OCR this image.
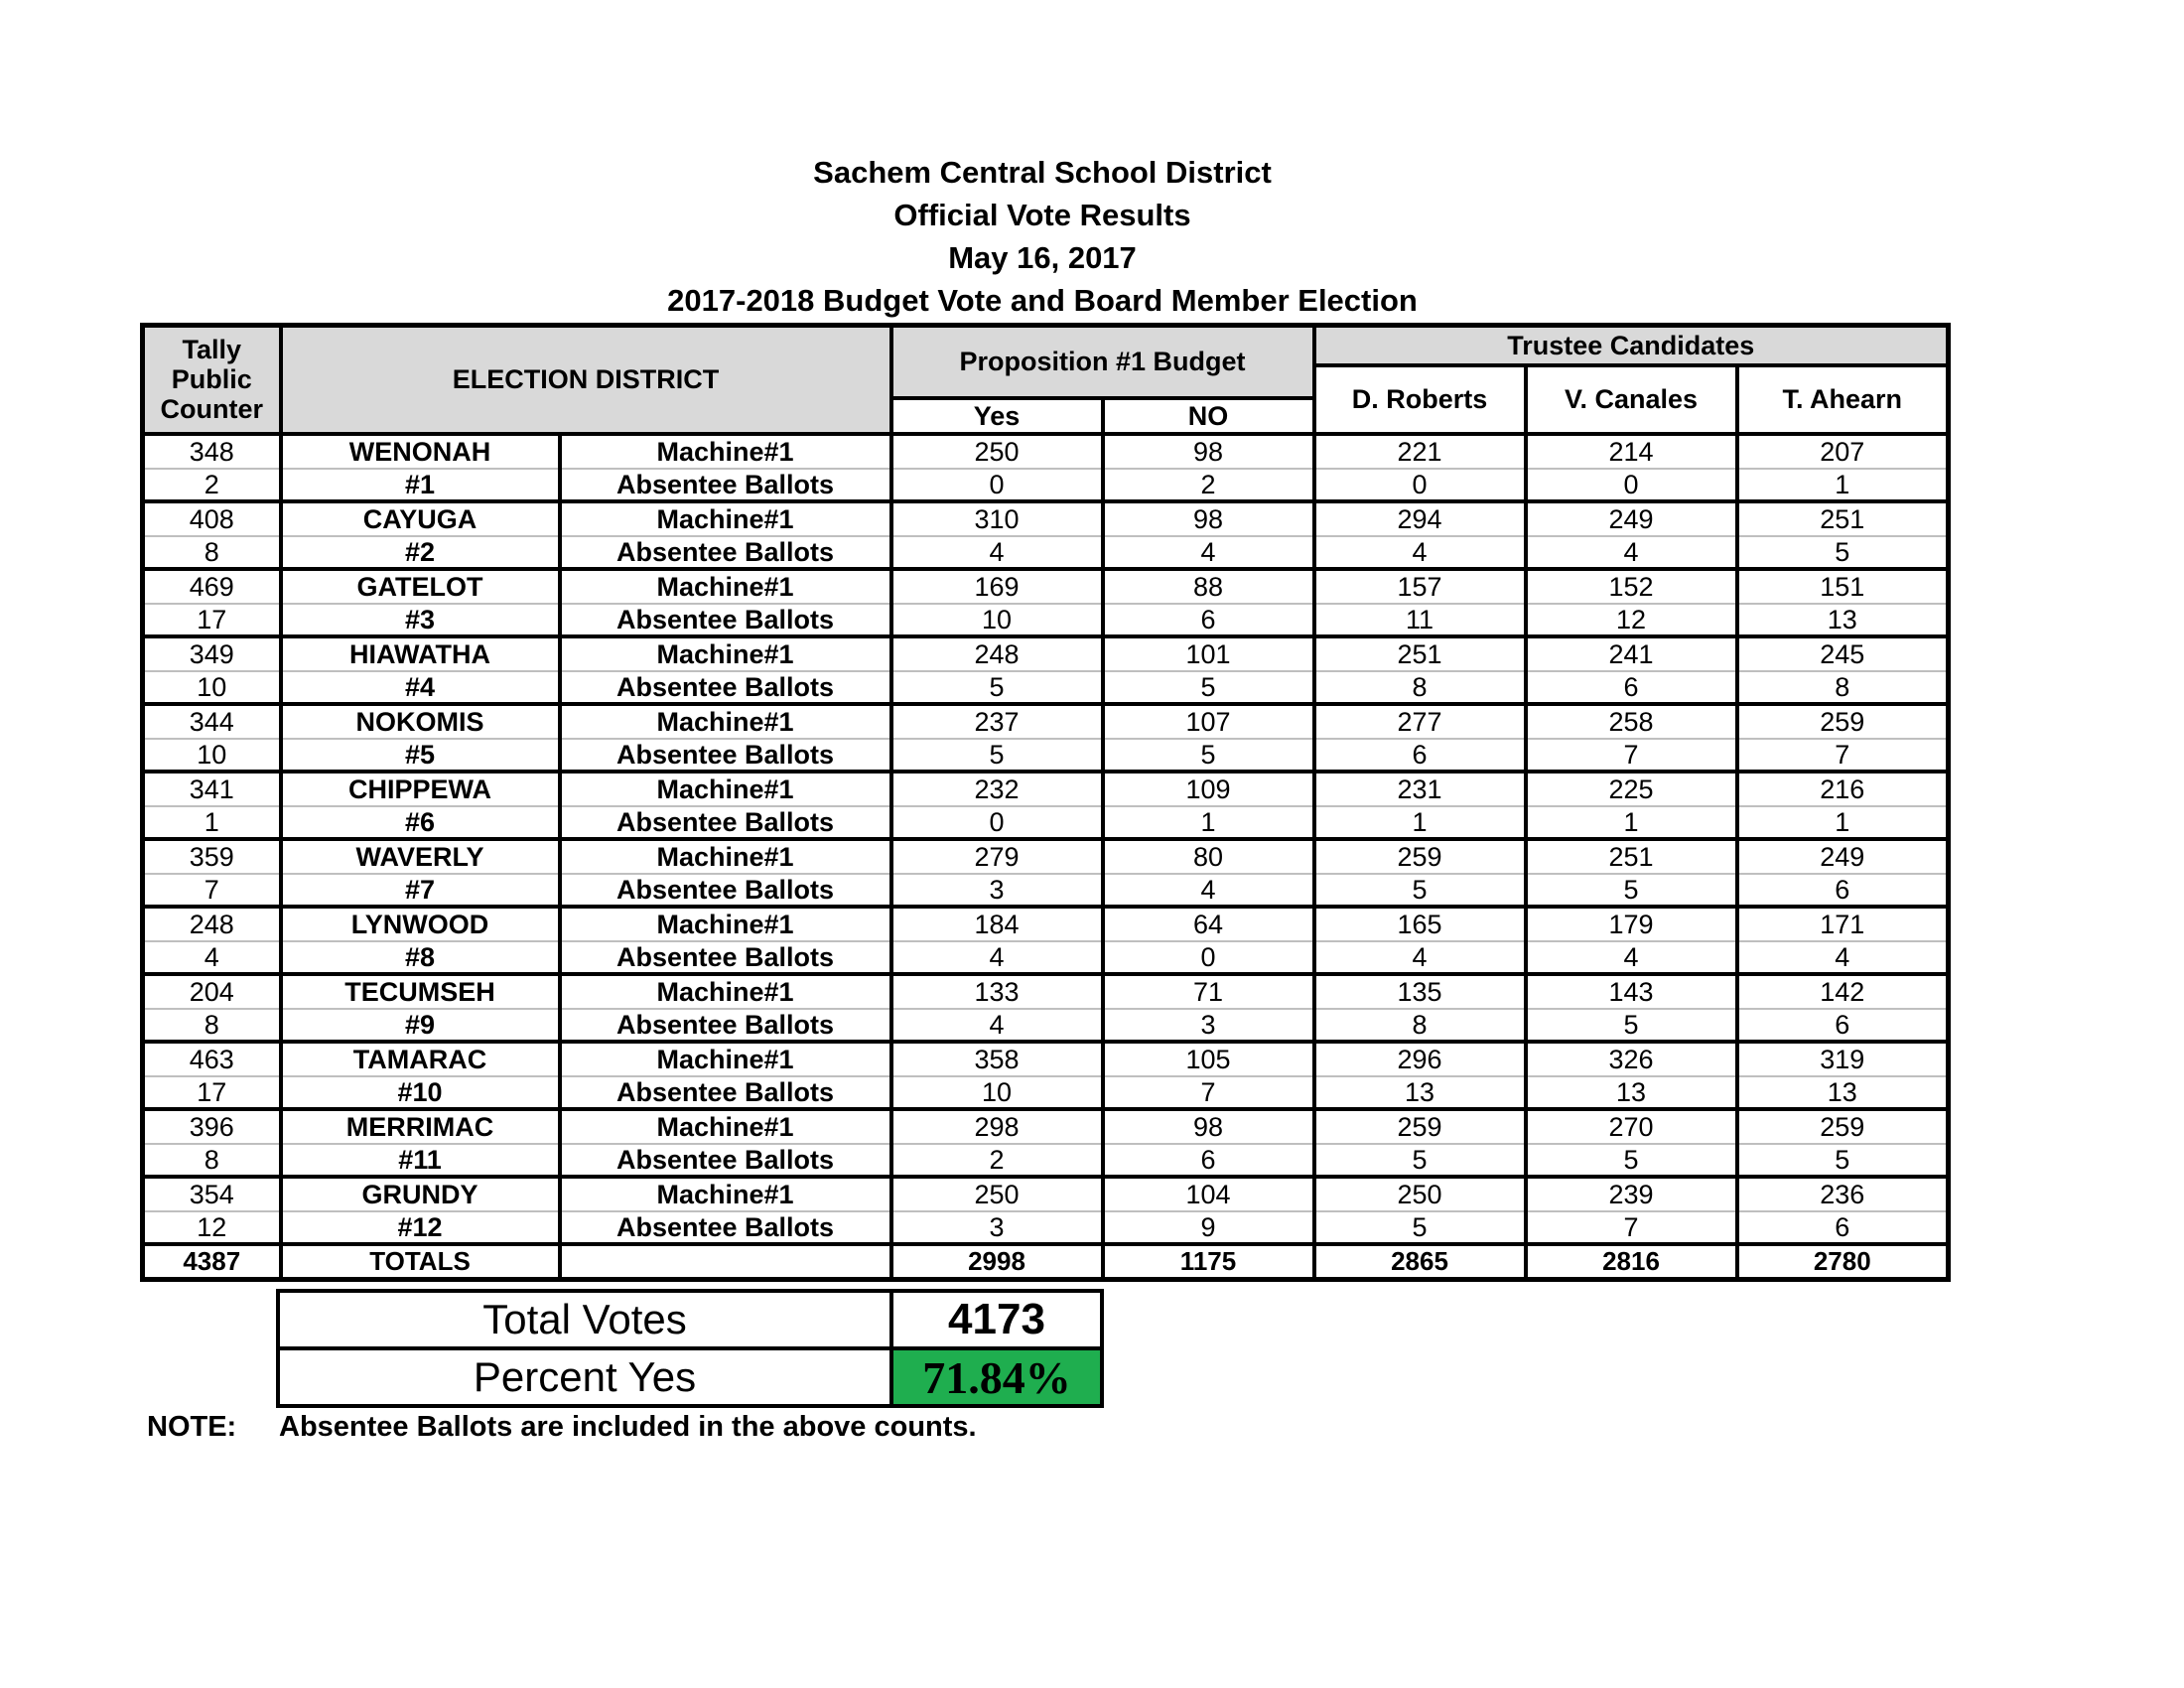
Sachem Central School District
Official Vote Results
May 16, 2017
2017-2018 Budget Vote and Board Member Election
Tally Public Counter	ELECTION DISTRICT		Proposition #1 Budget		Trustee Candidates		
					D. Roberts	V. Canales	T. Ahearn
			Yes	NO			
348	WENONAH	Machine#1	250	98	221	214	207
2	#1	Absentee Ballots	0	2	0	0	1
408	CAYUGA	Machine#1	310	98	294	249	251
8	#2	Absentee Ballots	4	4	4	4	5
469	GATELOT	Machine#1	169	88	157	152	151
17	#3	Absentee Ballots	10	6	11	12	13
349	HIAWATHA	Machine#1	248	101	251	241	245
10	#4	Absentee Ballots	5	5	8	6	8
344	NOKOMIS	Machine#1	237	107	277	258	259
10	#5	Absentee Ballots	5	5	6	7	7
341	CHIPPEWA	Machine#1	232	109	231	225	216
1	#6	Absentee Ballots	0	1	1	1	1
359	WAVERLY	Machine#1	279	80	259	251	249
7	#7	Absentee Ballots	3	4	5	5	6
248	LYNWOOD	Machine#1	184	64	165	179	171
4	#8	Absentee Ballots	4	0	4	4	4
204	TECUMSEH	Machine#1	133	71	135	143	142
8	#9	Absentee Ballots	4	3	8	5	6
463	TAMARAC	Machine#1	358	105	296	326	319
17	#10	Absentee Ballots	10	7	13	13	13
396	MERRIMAC	Machine#1	298	98	259	270	259
8	#11	Absentee Ballots	2	6	5	5	5
354	GRUNDY	Machine#1	250	104	250	239	236
12	#12	Absentee Ballots	3	9	5	7	6
4387	TOTALS		2998	1175	2865	2816	2780
Total Votes	4173
Percent Yes	71.84%
NOTE: Absentee Ballots are included in the above counts.
